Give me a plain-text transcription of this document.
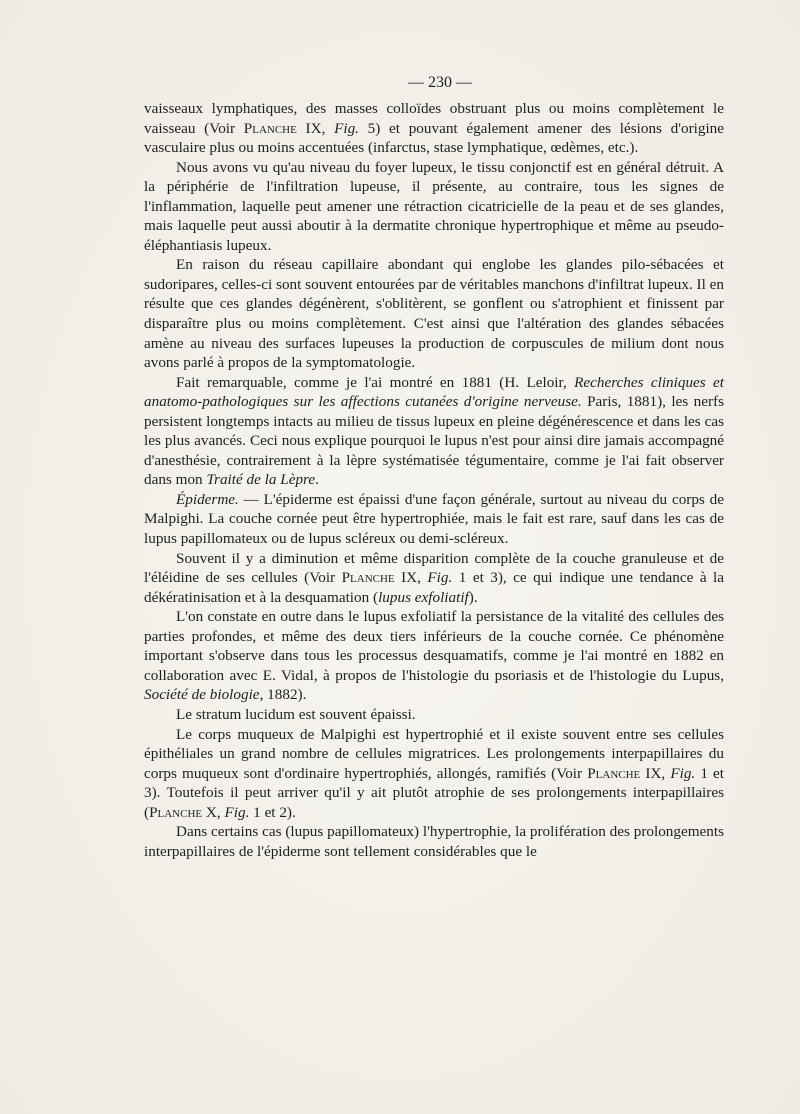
— 230 —

vaisseaux lymphatiques, des masses colloïdes obstruant plus ou moins complètement le vaisseau (Voir Planche IX, Fig. 5) et pouvant également amener des lésions d'origine vasculaire plus ou moins accentuées (infarctus, stase lymphatique, œdèmes, etc.).

Nous avons vu qu'au niveau du foyer lupeux, le tissu conjonctif est en général détruit. A la périphérie de l'infiltration lupeuse, il présente, au contraire, tous les signes de l'inflammation, laquelle peut amener une rétraction cicatricielle de la peau et de ses glandes, mais laquelle peut aussi aboutir à la dermatite chronique hypertrophique et même au pseudo-éléphantiasis lupeux.

En raison du réseau capillaire abondant qui englobe les glandes pilo-sébacées et sudoripares, celles-ci sont souvent entourées par de véritables manchons d'infiltrat lupeux. Il en résulte que ces glandes dégénèrent, s'oblitèrent, se gonflent ou s'atrophient et finissent par disparaître plus ou moins complètement. C'est ainsi que l'altération des glandes sébacées amène au niveau des surfaces lupeuses la production de corpuscules de milium dont nous avons parlé à propos de la symptomatologie.

Fait remarquable, comme je l'ai montré en 1881 (H. Leloir, Recherches cliniques et anatomo-pathologiques sur les affections cutanées d'origine nerveuse. Paris, 1881), les nerfs persistent longtemps intacts au milieu de tissus lupeux en pleine dégénérescence et dans les cas les plus avancés. Ceci nous explique pourquoi le lupus n'est pour ainsi dire jamais accompagné d'anesthésie, contrairement à la lèpre systématisée tégumentaire, comme je l'ai fait observer dans mon Traité de la Lèpre.

Épiderme. — L'épiderme est épaissi d'une façon générale, surtout au niveau du corps de Malpighi. La couche cornée peut être hypertrophiée, mais le fait est rare, sauf dans les cas de lupus papillomateux ou de lupus scléreux ou demi-scléreux.

Souvent il y a diminution et même disparition complète de la couche granuleuse et de l'éléidine de ses cellules (Voir Planche IX, Fig. 1 et 3), ce qui indique une tendance à la dékératinisation et à la desquamation (lupus exfoliatif).

L'on constate en outre dans le lupus exfoliatif la persistance de la vitalité des cellules des parties profondes, et même des deux tiers inférieurs de la couche cornée. Ce phénomène important s'observe dans tous les processus desquamatifs, comme je l'ai montré en 1882 en collaboration avec E. Vidal, à propos de l'histologie du psoriasis et de l'histologie du Lupus, Société de biologie, 1882).

Le stratum lucidum est souvent épaissi.

Le corps muqueux de Malpighi est hypertrophié et il existe souvent entre ses cellules épithéliales un grand nombre de cellules migratrices. Les prolongements interpapillaires du corps muqueux sont d'ordinaire hypertrophiés, allongés, ramifiés (Voir Planche IX, Fig. 1 et 3). Toutefois il peut arriver qu'il y ait plutôt atrophie de ses prolongements interpapillaires (Planche X, Fig. 1 et 2).

Dans certains cas (lupus papillomateux) l'hypertrophie, la prolifération des prolongements interpapillaires de l'épiderme sont tellement considérables que le
